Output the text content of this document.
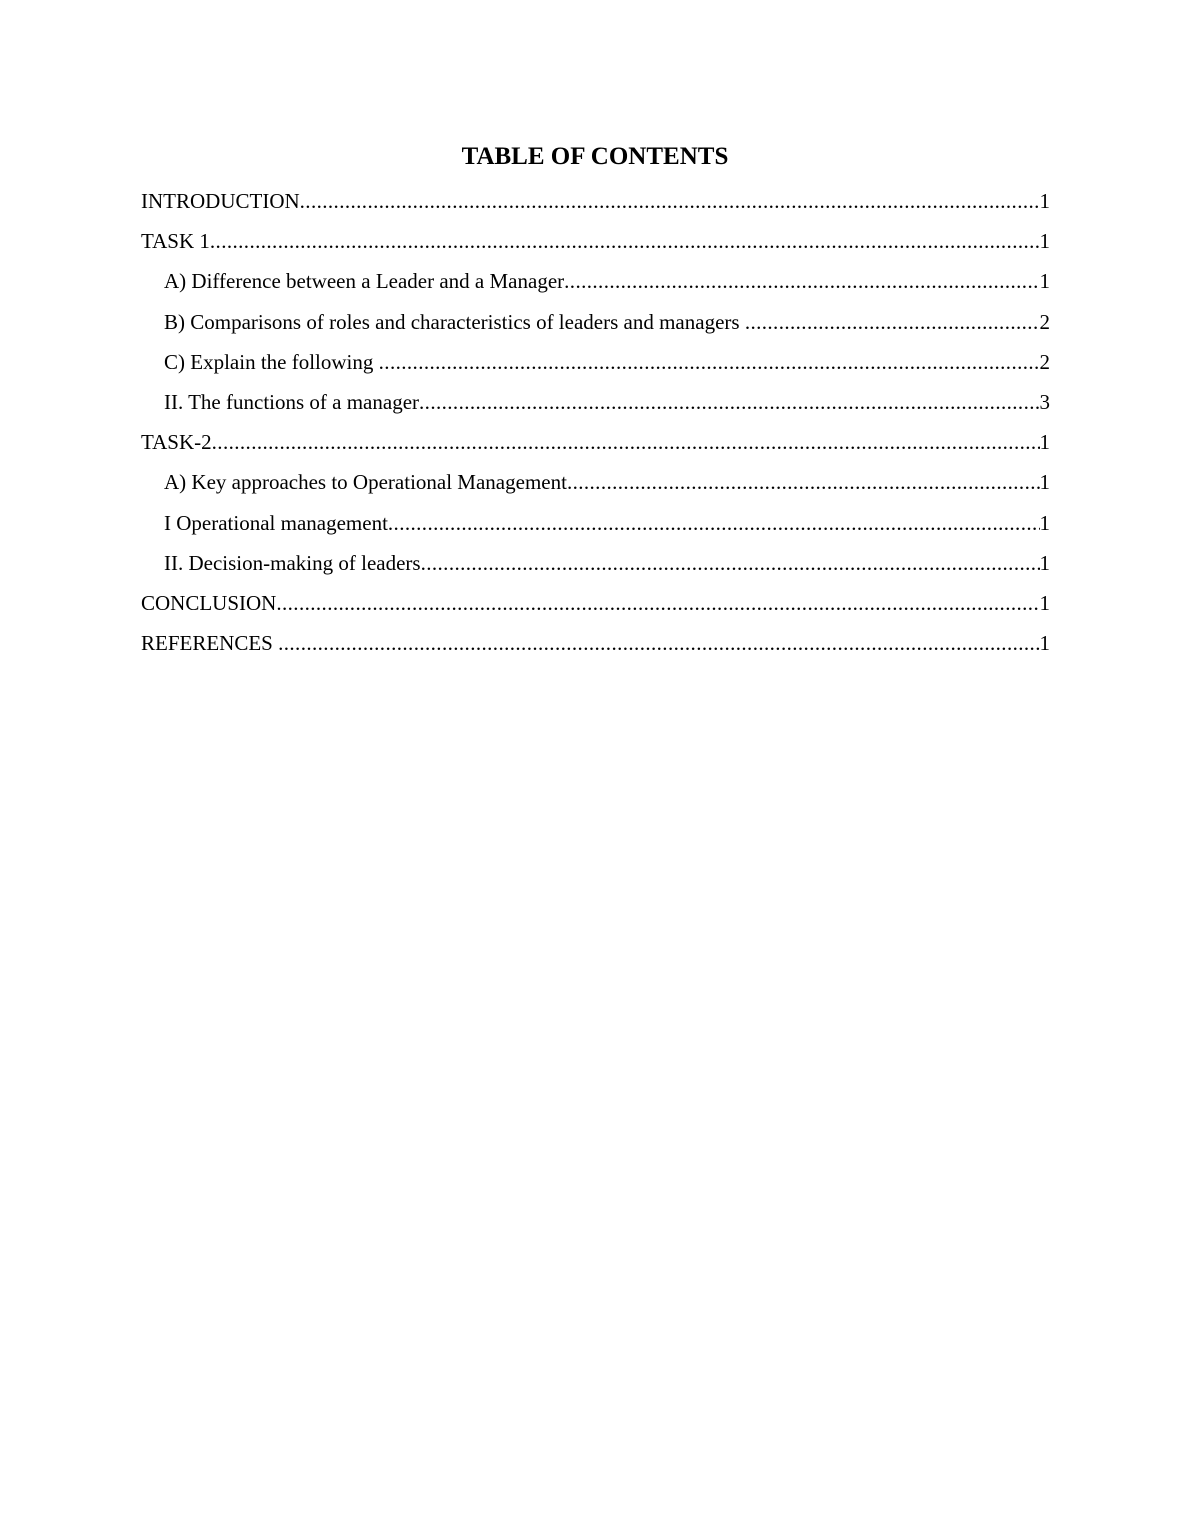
TABLE OF CONTENTS
INTRODUCTION .....	1
TASK 1 .....	1
A) Difference between a Leader and a Manager .....	1
B) Comparisons of roles and characteristics of leaders and managers .....	2
C) Explain the following .....	2
II. The functions of a manager .....	3
TASK-2 .....	1
A) Key approaches to Operational Management .....	1
I Operational management .....	1
II. Decision-making of leaders .....	1
CONCLUSION .....	1
REFERENCES .....	1
